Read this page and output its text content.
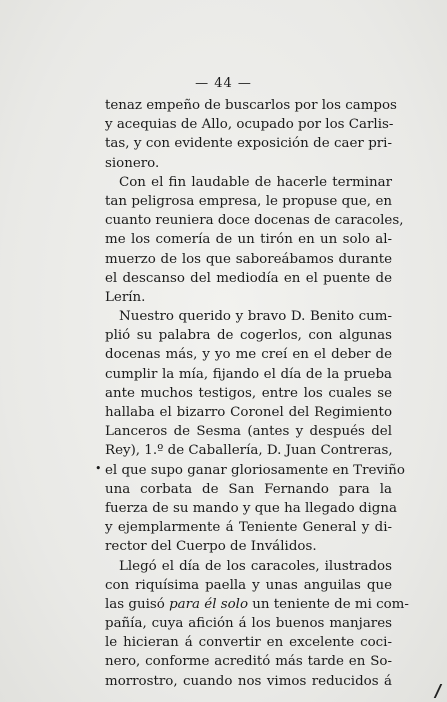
— 44 —
tenaz empeño de buscarlos por los campos
y acequias de Allo, ocupado por los Carlis-
tas, y con evidente exposición de caer pri-
sionero.
Con el fin laudable de hacerle terminar
tan peligrosa empresa, le propuse que, en
cuanto reuniera doce docenas de caracoles,
me los comería de un tirón en un solo al-
muerzo de los que saboreábamos durante
el descanso del mediodía en el puente de
Lerín.
Nuestro querido y bravo D. Benito cum-
plió su palabra de cogerlos, con algunas
docenas más, y yo me creí en el deber de
cumplir la mía, fijando el día de la prueba
ante muchos testigos, entre los cuales se
hallaba el bizarro Coronel del Regimiento
Lanceros de Sesma (antes y después del
Rey), 1.º de Caballería, D. Juan Contreras,
el que supo ganar gloriosamente en Treviño
una corbata de San Fernando para la
fuerza de su mando y que ha llegado digna
y ejemplarmente á Teniente General y di-
rector del Cuerpo de Inválidos.
Llegó el día de los caracoles, ilustrados
con riquísima paella y unas anguilas que
las guisó para él solo un teniente de mi com-
pañía, cuya afición á los buenos manjares
le hicieran á convertir en excelente coci-
nero, conforme acreditó más tarde en So-
morrostro, cuando nos vimos reducidos á
•
